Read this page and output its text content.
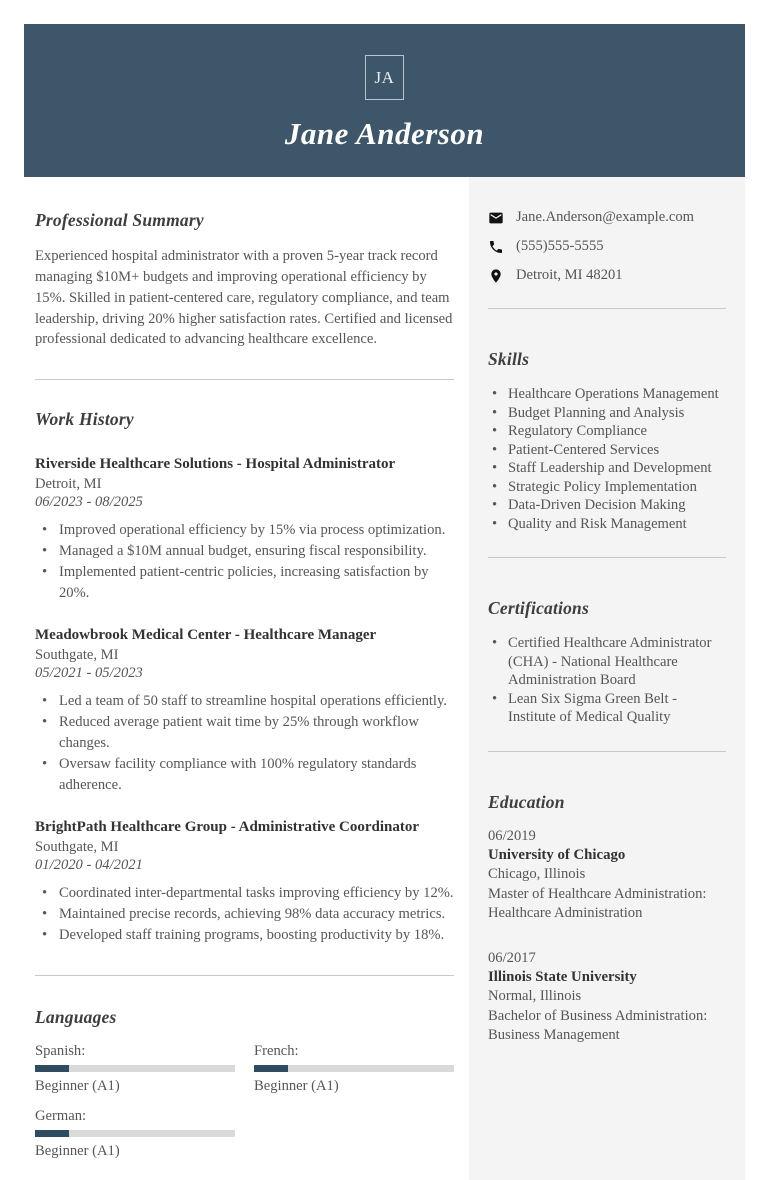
JA
Jane Anderson
Professional Summary
Experienced hospital administrator with a proven 5-year track record managing $10M+ budgets and improving operational efficiency by 15%. Skilled in patient-centered care, regulatory compliance, and team leadership, driving 20% higher satisfaction rates. Certified and licensed professional dedicated to advancing healthcare excellence.
Work History
Riverside Healthcare Solutions - Hospital Administrator
Detroit, MI
06/2023 - 08/2025
• Improved operational efficiency by 15% via process optimization.
• Managed a $10M annual budget, ensuring fiscal responsibility.
• Implemented patient-centric policies, increasing satisfaction by 20%.
Meadowbrook Medical Center - Healthcare Manager
Southgate, MI
05/2021 - 05/2023
• Led a team of 50 staff to streamline hospital operations efficiently.
• Reduced average patient wait time by 25% through workflow changes.
• Oversaw facility compliance with 100% regulatory standards adherence.
BrightPath Healthcare Group - Administrative Coordinator
Southgate, MI
01/2020 - 04/2021
• Coordinated inter-departmental tasks improving efficiency by 12%.
• Maintained precise records, achieving 98% data accuracy metrics.
• Developed staff training programs, boosting productivity by 18%.
Languages
Spanish:
Beginner (A1)
French:
Beginner (A1)
German:
Beginner (A1)
Jane.Anderson@example.com
(555)555-5555
Detroit, MI 48201
Skills
• Healthcare Operations Management
• Budget Planning and Analysis
• Regulatory Compliance
• Patient-Centered Services
• Staff Leadership and Development
• Strategic Policy Implementation
• Data-Driven Decision Making
• Quality and Risk Management
Certifications
• Certified Healthcare Administrator (CHA) - National Healthcare Administration Board
• Lean Six Sigma Green Belt - Institute of Medical Quality
Education
06/2019
University of Chicago
Chicago, Illinois
Master of Healthcare Administration: Healthcare Administration
06/2017
Illinois State University
Normal, Illinois
Bachelor of Business Administration: Business Management
